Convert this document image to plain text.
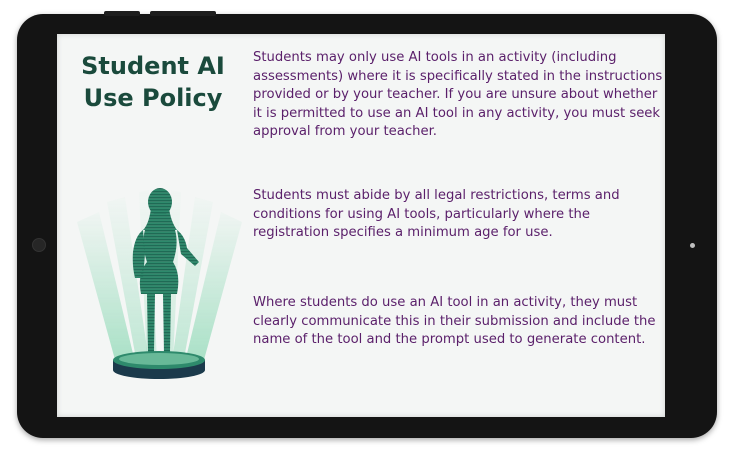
Student AI Use Policy

Students may only use AI tools in an activity (including assessments) where it is specifically stated in the instructions provided or by your teacher. If you are unsure about whether it is permitted to use an AI tool in any activity, you must seek approval from your teacher.

Students must abide by all legal restrictions, terms and conditions for using AI tools, particularly where the registration specifies a minimum age for use.

Where students do use an AI tool in an activity, they must clearly communicate this in their submission and include the name of the tool and the prompt used to generate content.
